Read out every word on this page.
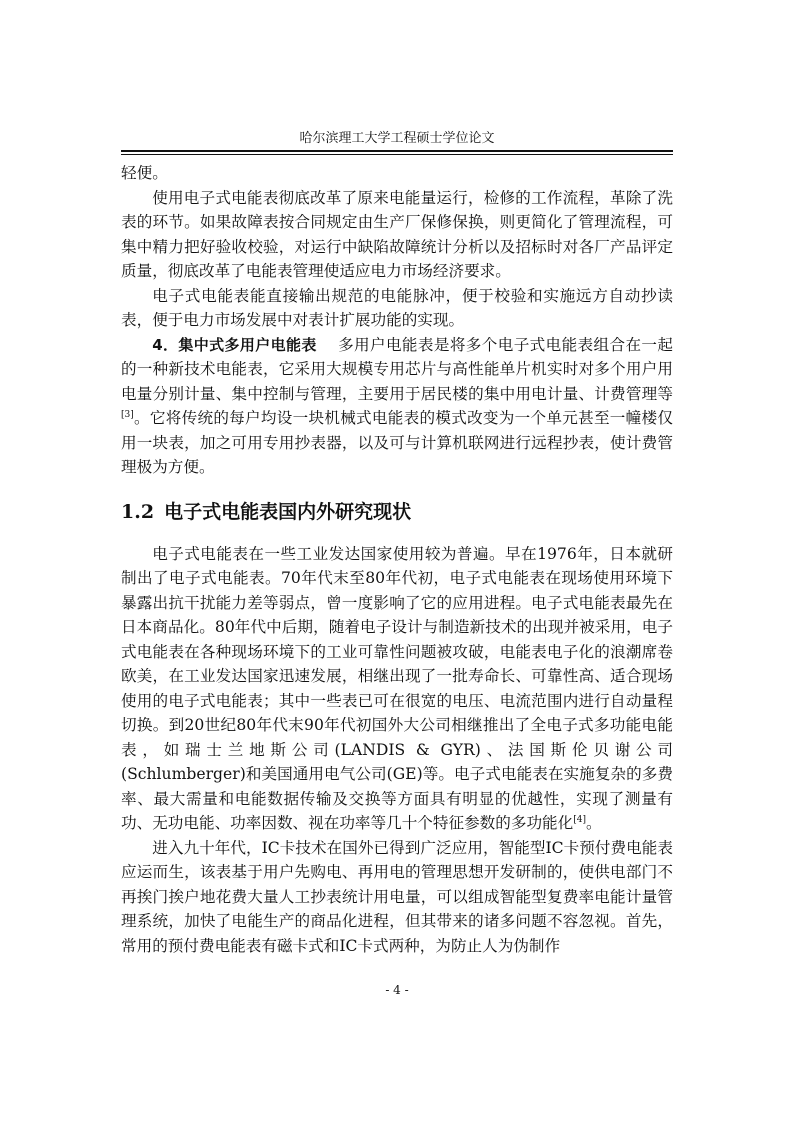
哈尔滨理工大学工程硕士学位论文

轻便。

使用电子式电能表彻底改革了原来电能量运行，检修的工作流程，革除了洗表的环节。如果故障表按合同规定由生产厂保修保换，则更简化了管理流程，可集中精力把好验收校验，对运行中缺陷故障统计分析以及招标时对各厂产品评定质量，彻底改革了电能表管理使适应电力市场经济要求。

电子式电能表能直接输出规范的电能脉冲，便于校验和实施远方自动抄读表，便于电力市场发展中对表计扩展功能的实现。

4．集中式多用户电能表 多用户电能表是将多个电子式电能表组合在一起的一种新技术电能表，它采用大规模专用芯片与高性能单片机实时对多个用户用电量分别计量、集中控制与管理，主要用于居民楼的集中用电计量、计费管理等[3]。它将传统的每户均设一块机械式电能表的模式改变为一个单元甚至一幢楼仅用一块表，加之可用专用抄表器，以及可与计算机联网进行远程抄表，使计费管理极为方便。

1.2 电子式电能表国内外研究现状

电子式电能表在一些工业发达国家使用较为普遍。早在1976年，日本就研制出了电子式电能表。70年代末至80年代初，电子式电能表在现场使用环境下暴露出抗干扰能力差等弱点，曾一度影响了它的应用进程。电子式电能表最先在日本商品化。80年代中后期，随着电子设计与制造新技术的出现并被采用，电子式电能表在各种现场环境下的工业可靠性问题被攻破，电能表电子化的浪潮席卷欧美，在工业发达国家迅速发展，相继出现了一批寿命长、可靠性高、适合现场使用的电子式电能表；其中一些表已可在很宽的电压、电流范围内进行自动量程切换。到20世纪80年代末90年代初国外大公司相继推出了全电子式多功能电能表，如瑞士兰地斯公司(LANDIS & GYR)、法国斯伦贝谢公司(Schlumberger)和美国通用电气公司(GE)等。电子式电能表在实施复杂的多费率、最大需量和电能数据传输及交换等方面具有明显的优越性，实现了测量有功、无功电能、功率因数、视在功率等几十个特征参数的多功能化[4]。

进入九十年代，IC卡技术在国外已得到广泛应用，智能型IC卡预付费电能表应运而生，该表基于用户先购电、再用电的管理思想开发研制的，使供电部门不再挨门挨户地花费大量人工抄表统计用电量，可以组成智能型复费率电能计量管理系统，加快了电能生产的商品化进程，但其带来的诸多问题不容忽视。首先，常用的预付费电能表有磁卡式和IC卡式两种，为防止人为伪制作

- 4 -
